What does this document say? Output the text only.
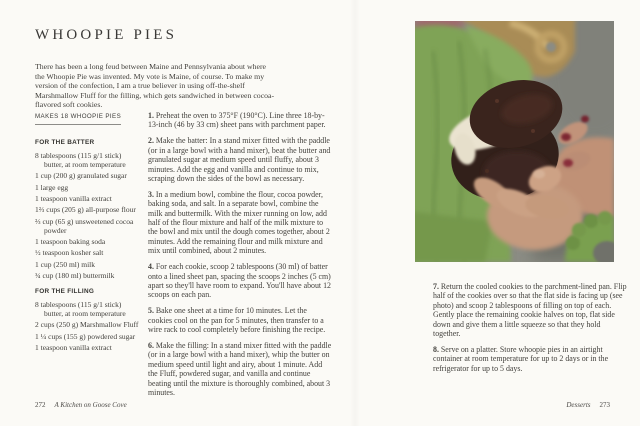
WHOOPIE PIES
There has been a long feud between Maine and Pennsylvania about where the Whoopie Pie was invented. My vote is Maine, of course. To make my version of the confection, I am a true believer in using off-the-shelf Marshmallow Fluff for the filling, which gets sandwiched in between cocoa-flavored soft cookies.
MAKES 18 WHOOPIE PIES
FOR THE BATTER
8 tablespoons (115 g/1 stick) butter, at room temperature
1 cup (200 g) granulated sugar
1 large egg
1 teaspoon vanilla extract
1⅔ cups (205 g) all-purpose flour
⅔ cup (65 g) unsweetened cocoa powder
1 teaspoon baking soda
½ teaspoon kosher salt
1 cup (250 ml) milk
¾ cup (180 ml) buttermilk
FOR THE FILLING
8 tablespoons (115 g/1 stick) butter, at room temperature
2 cups (250 g) Marshmallow Fluff
1 ¼ cups (155 g) powdered sugar
1 teaspoon vanilla extract

1. Preheat the oven to 375°F (190°C). Line three 18-by-13-inch (46 by 33 cm) sheet pans with parchment paper.

2. Make the batter: In a stand mixer fitted with the paddle (or in a large bowl with a hand mixer), beat the butter and granulated sugar at medium speed until fluffy, about 3 minutes. Add the egg and vanilla and continue to mix, scraping down the sides of the bowl as necessary.

3. In a medium bowl, combine the flour, cocoa powder, baking soda, and salt. In a separate bowl, combine the milk and buttermilk. With the mixer running on low, add half of the flour mixture and half of the milk mixture to the bowl and mix until the dough comes together, about 2 minutes. Add the remaining flour and milk mixture and mix until combined, about 2 minutes.

4. For each cookie, scoop 2 tablespoons (30 ml) of batter onto a lined sheet pan, spacing the scoops 2 inches (5 cm) apart so they'll have room to expand. You'll have about 12 scoops on each pan.

5. Bake one sheet at a time for 10 minutes. Let the cookies cool on the pan for 5 minutes, then transfer to a wire rack to cool completely before finishing the recipe.

6. Make the filling: In a stand mixer fitted with the paddle (or in a large bowl with a hand mixer), whip the butter on medium speed until light and airy, about 1 minute. Add the Fluff, powdered sugar, and vanilla and continue beating until the mixture is thoroughly combined, about 3 minutes.

272 A Kitchen on Goose Cove

7. Return the cooled cookies to the parchment-lined pan. Flip half of the cookies over so that the flat side is facing up (see photo) and scoop 2 tablespoons of filling on top of each. Gently place the remaining cookie halves on top, flat side down and give them a little squeeze so that they hold together.

8. Serve on a platter. Store whoopie pies in an airtight container at room temperature for up to 2 days or in the refrigerator for up to 5 days.

Desserts 273
